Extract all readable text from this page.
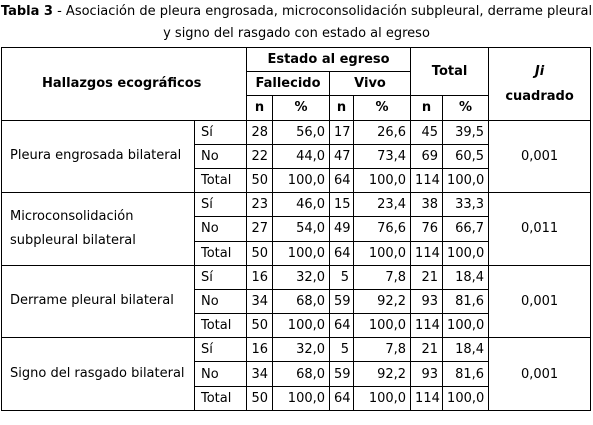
Tabla 3 - Asociación de pleura engrosada, microconsolidación subpleural, derrame pleural y signo del rasgado con estado al egreso
Hallazgos ecográficos		Estado al egreso				Total		Ji
cuadrado
		Fallecido		Vivo				
		n	%	n	%	n	%	
Pleura engrosada bilateral	Sí	28	56,0	17	26,6	45	39,5	0,001
	No	22	44,0	47	73,4	69	60,5	
	Total	50	100,0	64	100,0	114	100,0	
Microconsolidación subpleural bilateral	Sí	23	46,0	15	23,4	38	33,3	0,011
	No	27	54,0	49	76,6	76	66,7	
	Total	50	100,0	64	100,0	114	100,0	
Derrame pleural bilateral	Sí	16	32,0	5	7,8	21	18,4	0,001
	No	34	68,0	59	92,2	93	81,6	
	Total	50	100,0	64	100,0	114	100,0	
Signo del rasgado bilateral	Sí	16	32,0	5	7,8	21	18,4	0,001
	No	34	68,0	59	92,2	93	81,6	
	Total	50	100,0	64	100,0	114	100,0	
